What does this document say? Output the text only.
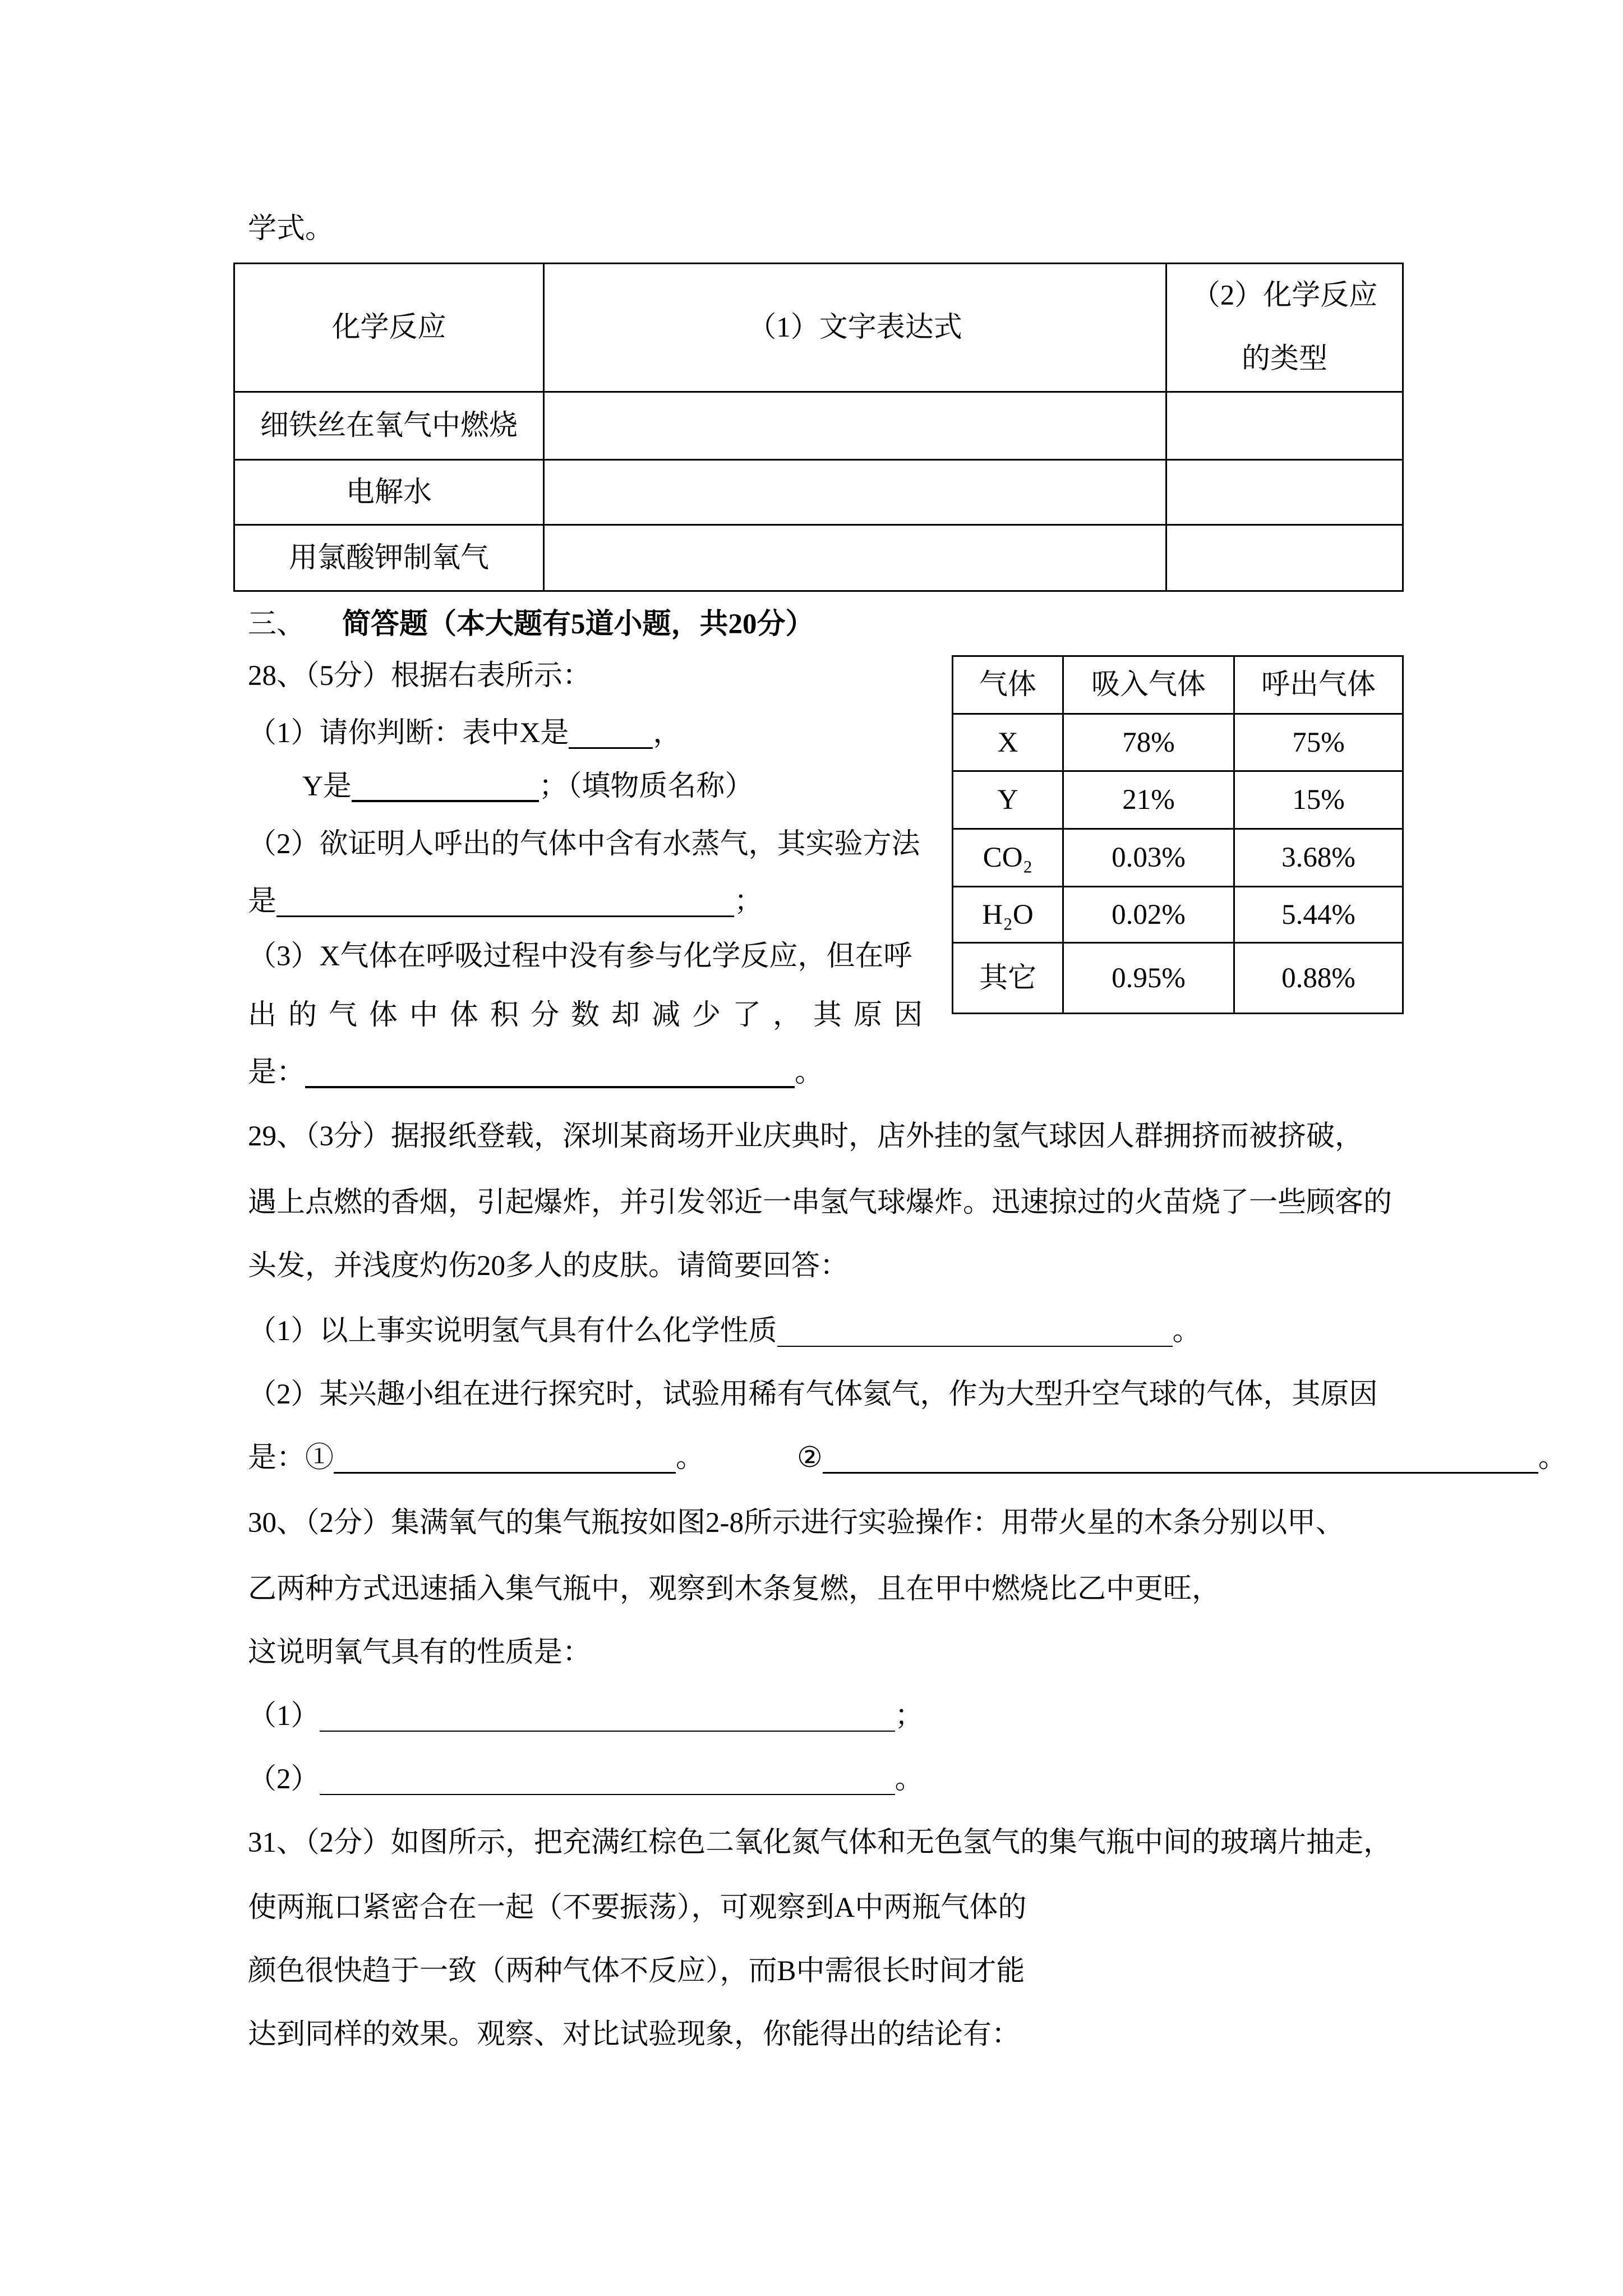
学式。
化学反应	（1）文字表达式	（2）化学反应的类型

细铁丝在氧气中燃烧		
电解水		
用氯酸钾制氧气		
三、 简答题（本大题有5道小题，共20分）
28、（5分）根据右表所示：
（1）请你判断：表中X是	，
Y是	；（填物质名称）
（2）欲证明人呼出的气体中含有水蒸气，其实验方法
是	；
（3）X气体在呼吸过程中没有参与化学反应，但在呼
出的气体中体积分数却减少了，其原因
是：	。
气体	吸入气体	呼出气体
X	78%	75%
Y	21%	15%
CO₂	0.03%	3.68%
H₂O	0.02%	5.44%
其它	0.95%	0.88%
29、（3分）据报纸登载，深圳某商场开业庆典时，店外挂的氢气球因人群拥挤而被挤破，
遇上点燃的香烟，引起爆炸，并引发邻近一串氢气球爆炸。迅速掠过的火苗烧了一些顾客的
头发，并浅度灼伤20多人的皮肤。请简要回答：
（1）以上事实说明氢气具有什么化学性质	。
（2）某兴趣小组在进行探究时，试验用稀有气体氦气，作为大型升空气球的气体，其原因
是：①	。	②	。
30、（2分）集满氧气的集气瓶按如图2-8所示进行实验操作：用带火星的木条分别以甲、
乙两种方式迅速插入集气瓶中，观察到木条复燃，且在甲中燃烧比乙中更旺，
这说明氧气具有的性质是：
（1）	；
（2）	。
31、（2分）如图所示，把充满红棕色二氧化氮气体和无色氢气的集气瓶中间的玻璃片抽走，
使两瓶口紧密合在一起（不要振荡），可观察到A中两瓶气体的
颜色很快趋于一致（两种气体不反应），而B中需很长时间才能
达到同样的效果。观察、对比试验现象，你能得出的结论有：
